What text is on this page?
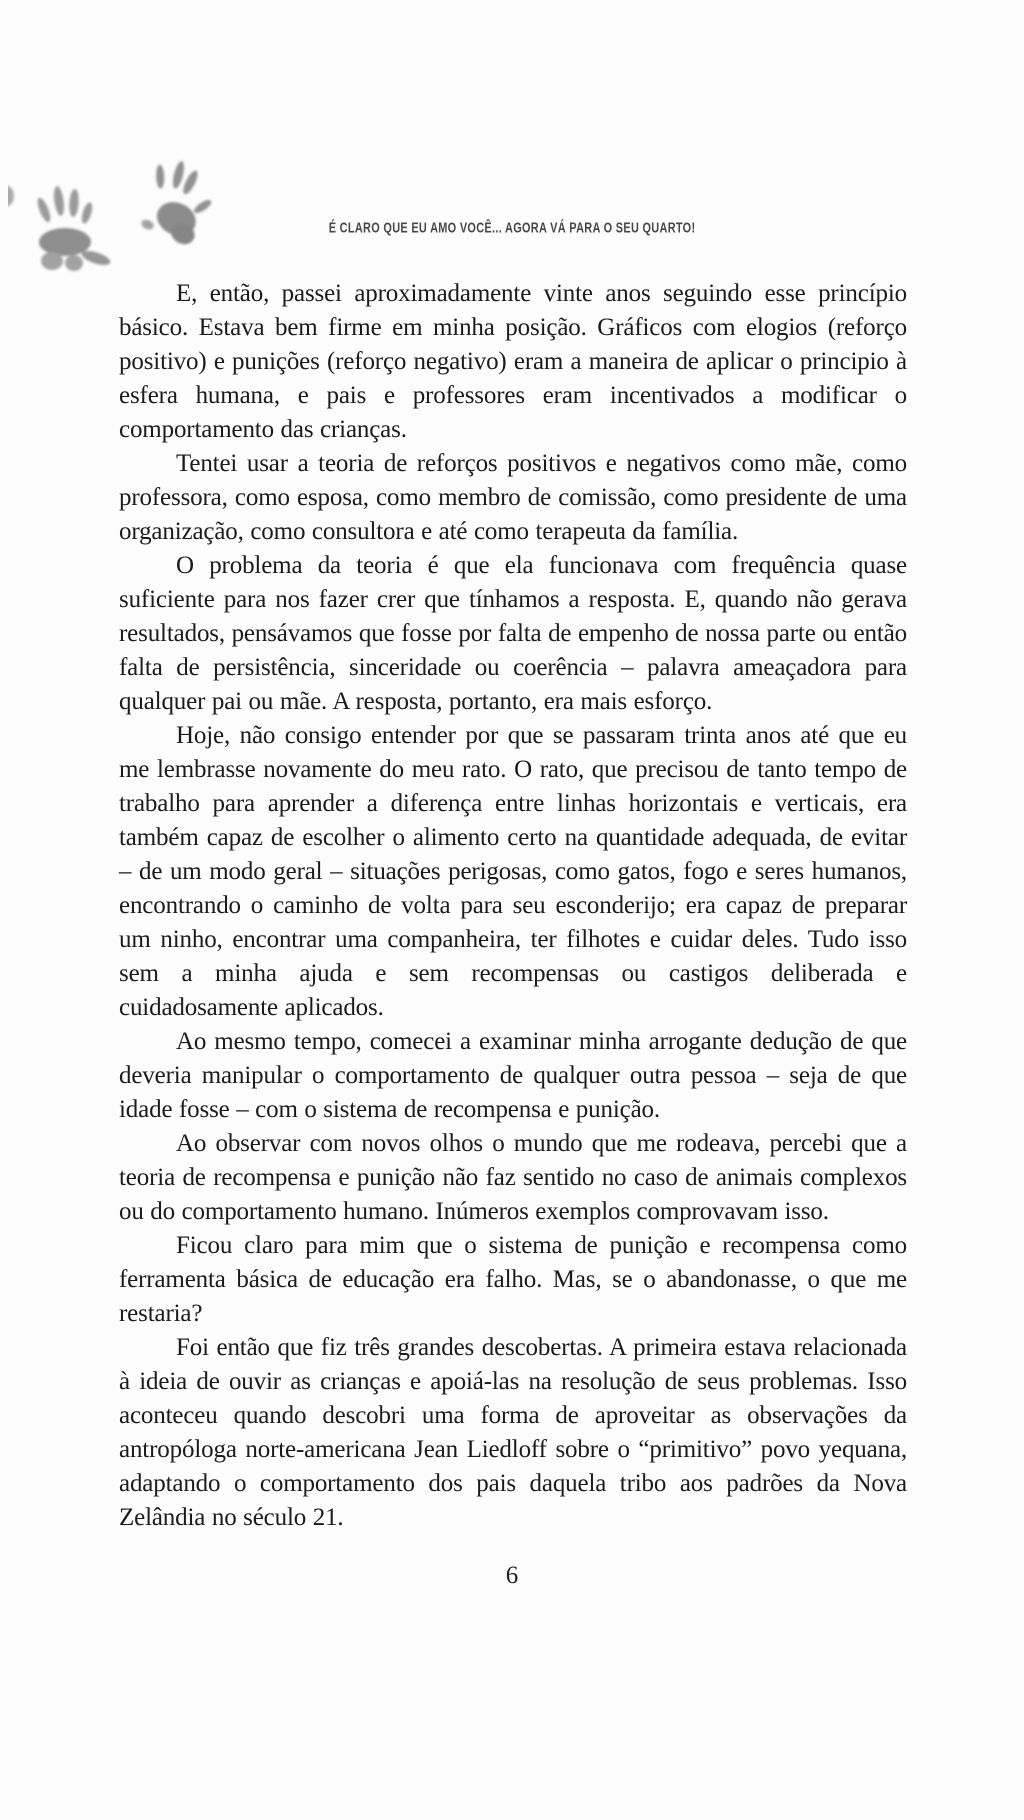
É CLARO QUE EU AMO VOCÊ... AGORA VÁ PARA O SEU QUARTO!

E, então, passei aproximadamente vinte anos seguindo esse princípio básico. Estava bem firme em minha posição. Gráficos com elogios (reforço positivo) e punições (reforço negativo) eram a maneira de aplicar o principio à esfera humana, e pais e professores eram incentivados a modificar o comportamento das crianças.

Tentei usar a teoria de reforços positivos e negativos como mãe, como professora, como esposa, como membro de comissão, como presidente de uma organização, como consultora e até como terapeuta da família.

O problema da teoria é que ela funcionava com frequência quase suficiente para nos fazer crer que tínhamos a resposta. E, quando não gerava resultados, pensávamos que fosse por falta de empenho de nossa parte ou então falta de persistência, sinceridade ou coerência – palavra ameaçadora para qualquer pai ou mãe. A resposta, portanto, era mais esforço.

Hoje, não consigo entender por que se passaram trinta anos até que eu me lembrasse novamente do meu rato. O rato, que precisou de tanto tempo de trabalho para aprender a diferença entre linhas horizontais e verticais, era também capaz de escolher o alimento certo na quantidade adequada, de evitar – de um modo geral – situações perigosas, como gatos, fogo e seres humanos, encontrando o caminho de volta para seu esconderijo; era capaz de preparar um ninho, encontrar uma companheira, ter filhotes e cuidar deles. Tudo isso sem a minha ajuda e sem recompensas ou castigos deliberada e cuidadosamente aplicados.

Ao mesmo tempo, comecei a examinar minha arrogante dedução de que deveria manipular o comportamento de qualquer outra pessoa – seja de que idade fosse – com o sistema de recompensa e punição.

Ao observar com novos olhos o mundo que me rodeava, percebi que a teoria de recompensa e punição não faz sentido no caso de animais complexos ou do comportamento humano. Inúmeros exemplos comprovavam isso.

Ficou claro para mim que o sistema de punição e recompensa como ferramenta básica de educação era falho. Mas, se o abandonasse, o que me restaria?

Foi então que fiz três grandes descobertas. A primeira estava relacionada à ideia de ouvir as crianças e apoiá-las na resolução de seus problemas. Isso aconteceu quando descobri uma forma de aproveitar as observações da antropóloga norte-americana Jean Liedloff sobre o “primitivo” povo yequana, adaptando o comportamento dos pais daquela tribo aos padrões da Nova Zelândia no século 21.

6
